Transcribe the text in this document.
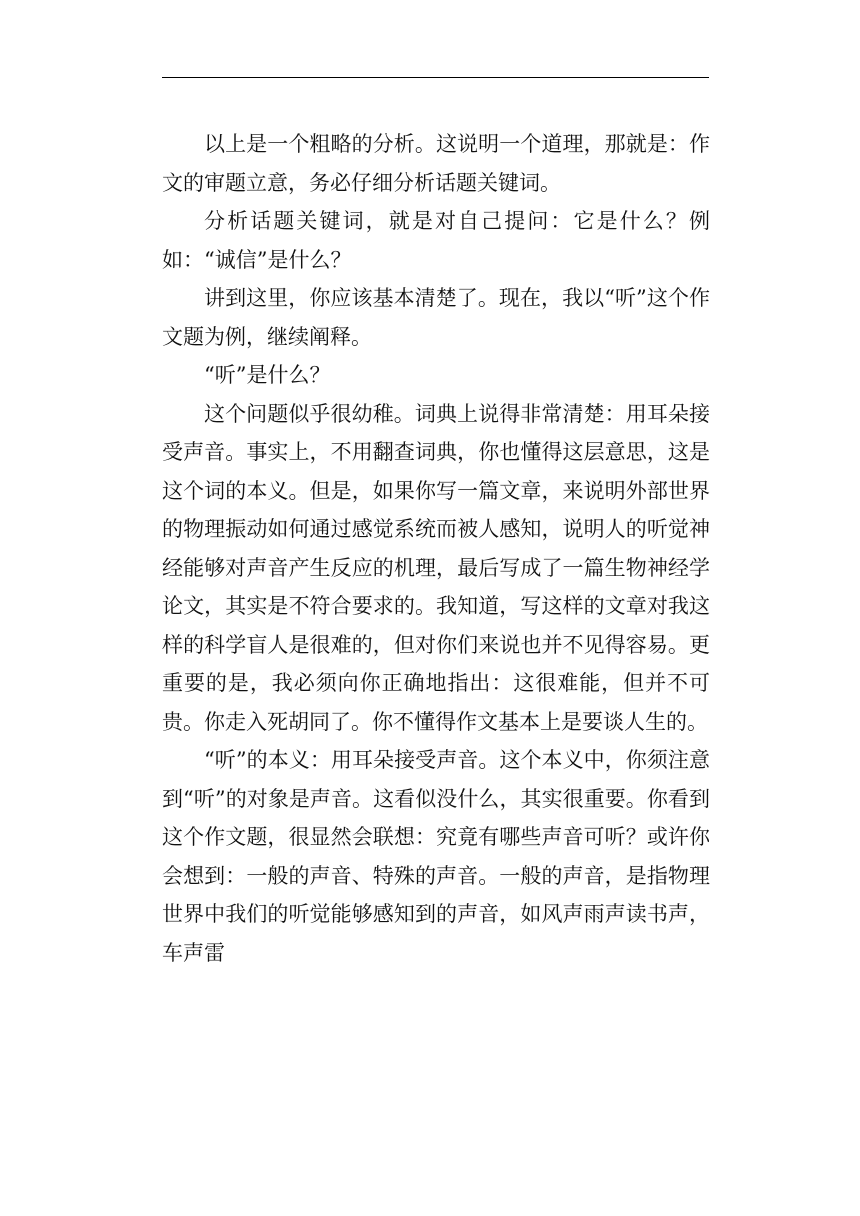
以上是一个粗略的分析。这说明一个道理，那就是：作文的审题立意，务必仔细分析话题关键词。

分析话题关键词，就是对自己提问：它是什么？例如：“诚信”是什么？

讲到这里，你应该基本清楚了。现在，我以“听”这个作文题为例，继续阐释。

“听”是什么？

这个问题似乎很幼稚。词典上说得非常清楚：用耳朵接受声音。事实上，不用翻查词典，你也懂得这层意思，这是这个词的本义。但是，如果你写一篇文章，来说明外部世界的物理振动如何通过感觉系统而被人感知，说明人的听觉神经能够对声音产生反应的机理，最后写成了一篇生物神经学论文，其实是不符合要求的。我知道，写这样的文章对我这样的科学盲人是很难的，但对你们来说也并不见得容易。更重要的是，我必须向你正确地指出：这很难能，但并不可贵。你走入死胡同了。你不懂得作文基本上是要谈人生的。

“听”的本义：用耳朵接受声音。这个本义中，你须注意到“听”的对象是声音。这看似没什么，其实很重要。你看到这个作文题，很显然会联想：究竟有哪些声音可听？或许你会想到：一般的声音、特殊的声音。一般的声音，是指物理世界中我们的听觉能够感知到的声音，如风声雨声读书声，车声雷
